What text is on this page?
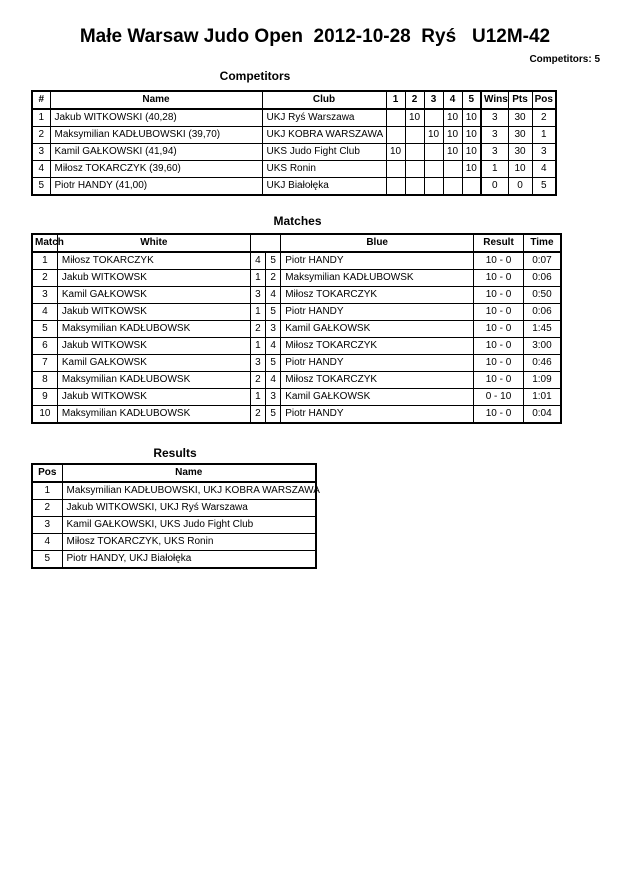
Małe Warsaw Judo Open  2012-10-28  Ryś   U12M-42
Competitors: 5
Competitors
#	Name	Club	1	2	3	4	5	Wins	Pts	Pos
1	Jakub WITKOWSKI (40,28)	UKJ Ryś Warszawa		10		10	10	3	30	2
2	Maksymilian KADŁUBOWSKI (39,70)	UKJ KOBRA WARSZAWA			10	10	10	3	30	1
3	Kamil GAŁKOWSKI (41,94)	UKS Judo Fight Club	10			10	10	3	30	3
4	Miłosz TOKARCZYK (39,60)	UKS Ronin					10	1	10	4
5	Piotr HANDY (41,00)	UKJ Białołęka						0	0	5
Matches
Match	White			Blue	Result	Time
1	Miłosz TOKARCZYK	4	5	Piotr HANDY	10 - 0	0:07
2	Jakub WITKOWSK	1	2	Maksymilian KADŁUBOWSK	10 - 0	0:06
3	Kamil GAŁKOWSK	3	4	Miłosz TOKARCZYK	10 - 0	0:50
4	Jakub WITKOWSK	1	5	Piotr HANDY	10 - 0	0:06
5	Maksymilian KADŁUBOWSK	2	3	Kamil GAŁKOWSK	10 - 0	1:45
6	Jakub WITKOWSK	1	4	Miłosz TOKARCZYK	10 - 0	3:00
7	Kamil GAŁKOWSK	3	5	Piotr HANDY	10 - 0	0:46
8	Maksymilian KADŁUBOWSK	2	4	Miłosz TOKARCZYK	10 - 0	1:09
9	Jakub WITKOWSK	1	3	Kamil GAŁKOWSK	0 - 10	1:01
10	Maksymilian KADŁUBOWSK	2	5	Piotr HANDY	10 - 0	0:04
Results
Pos	Name
1	Maksymilian KADŁUBOWSKI, UKJ KOBRA WARSZAWA
2	Jakub WITKOWSKI, UKJ Ryś Warszawa
3	Kamil GAŁKOWSKI, UKS Judo Fight Club
4	Miłosz TOKARCZYK, UKS Ronin
5	Piotr HANDY, UKJ Białołęka
